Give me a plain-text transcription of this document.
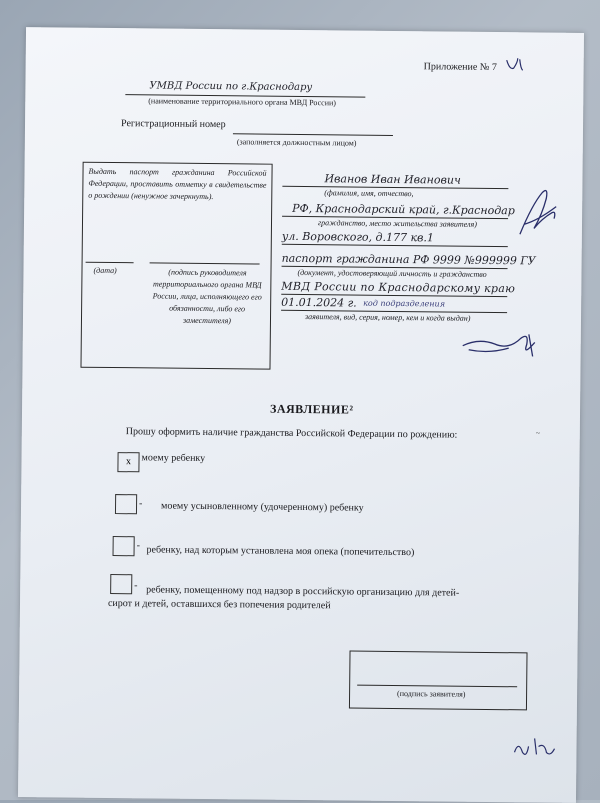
Приложение № 7
УМВД России по г.Краснодару
(наименование территориального органа МВД России)
Регистрационный номер
(заполняется должностным лицом)
Выдать паспорт гражданина Российской Федерации, проставить отметку в свидетельстве о рождении (ненужное зачеркнуть).
(дата)	(подпись руководителя территориального органа МВД России, лица, исполняющего его обязанности, либо его заместителя)
Иванов Иван Иванович
(фамилия, имя, отчество,
РФ, Краснодарский край, г.Краснодар
гражданство, место жительства заявителя)
ул. Воровского, д.177 кв.1
паспорт гражданина РФ 9999 №999999 ГУ
(документ, удостоверяющий личность и гражданство
МВД России по Краснодарскому краю
01.01.2024 г. код подразделения
заявителя, вид, серия, номер, кем и когда выдан)
ЗАЯВЛЕНИЕ²
Прошу оформить наличие гражданства Российской Федерации по рождению:	~
х	моему ребенку
- моему усыновленному (удочеренному) ребенку
- ребенку, над которым установлена моя опека (попечительство)
- ребенку, помещенному под надзор в российскую организацию для детей-
сирот и детей, оставшихся без попечения родителей
(подпись заявителя)
